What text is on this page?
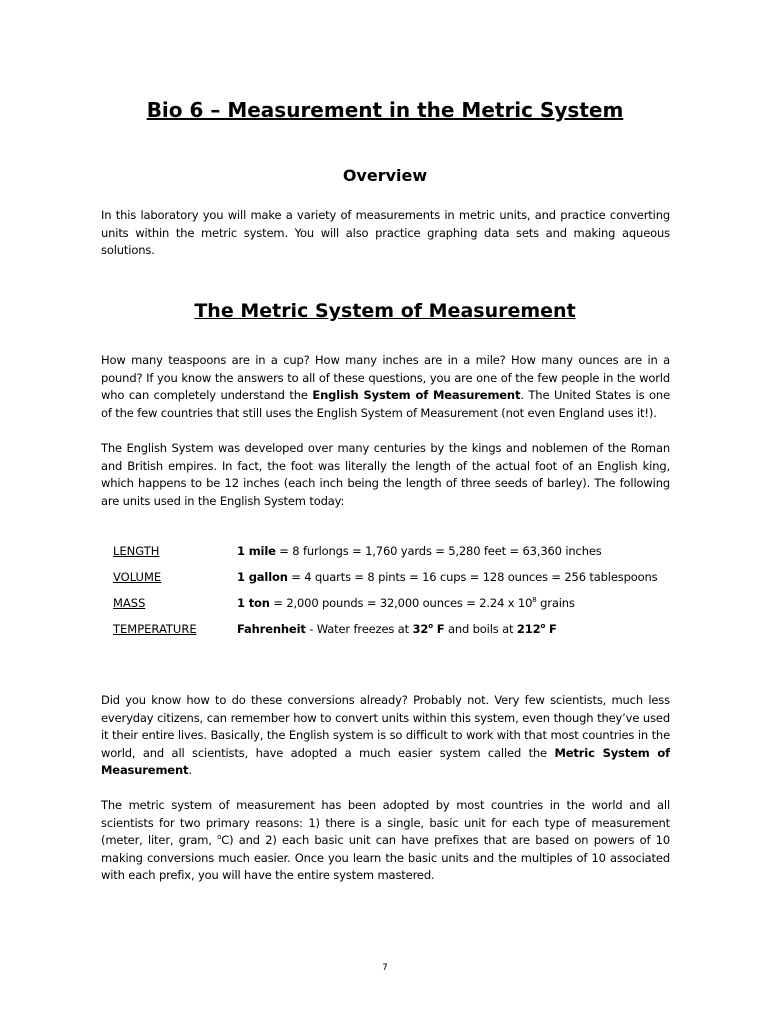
Bio 6 – Measurement in the Metric System
Overview
In this laboratory you will make a variety of measurements in metric units, and practice converting units within the metric system. You will also practice graphing data sets and making aqueous solutions.
The Metric System of Measurement
How many teaspoons are in a cup? How many inches are in a mile? How many ounces are in a pound? If you know the answers to all of these questions, you are one of the few people in the world who can completely understand the English System of Measurement. The United States is one of the few countries that still uses the English System of Measurement (not even England uses it!).
The English System was developed over many centuries by the kings and noblemen of the Roman and British empires. In fact, the foot was literally the length of the actual foot of an English king, which happens to be 12 inches (each inch being the length of three seeds of barley). The following are units used in the English System today:
LENGTH	1 mile = 8 furlongs = 1,760 yards = 5,280 feet = 63,360 inches
VOLUME	1 gallon = 4 quarts = 8 pints = 16 cups = 128 ounces = 256 tablespoons
MASS	1 ton = 2,000 pounds = 32,000 ounces = 2.24 x $10^8$ grains
TEMPERATURE	Fahrenheit - Water freezes at 32$^o$ F and boils at 212$^o$ F
Did you know how to do these conversions already? Probably not. Very few scientists, much less everyday citizens, can remember how to convert units within this system, even though they’ve used it their entire lives. Basically, the English system is so difficult to work with that most countries in the world, and all scientists, have adopted a much easier system called the Metric System of Measurement.
The metric system of measurement has been adopted by most countries in the world and all scientists for two primary reasons: 1) there is a single, basic unit for each type of measurement (meter, liter, gram, $^o$C) and 2) each basic unit can have prefixes that are based on powers of 10 making conversions much easier. Once you learn the basic units and the multiples of 10 associated with each prefix, you will have the entire system mastered.
7
